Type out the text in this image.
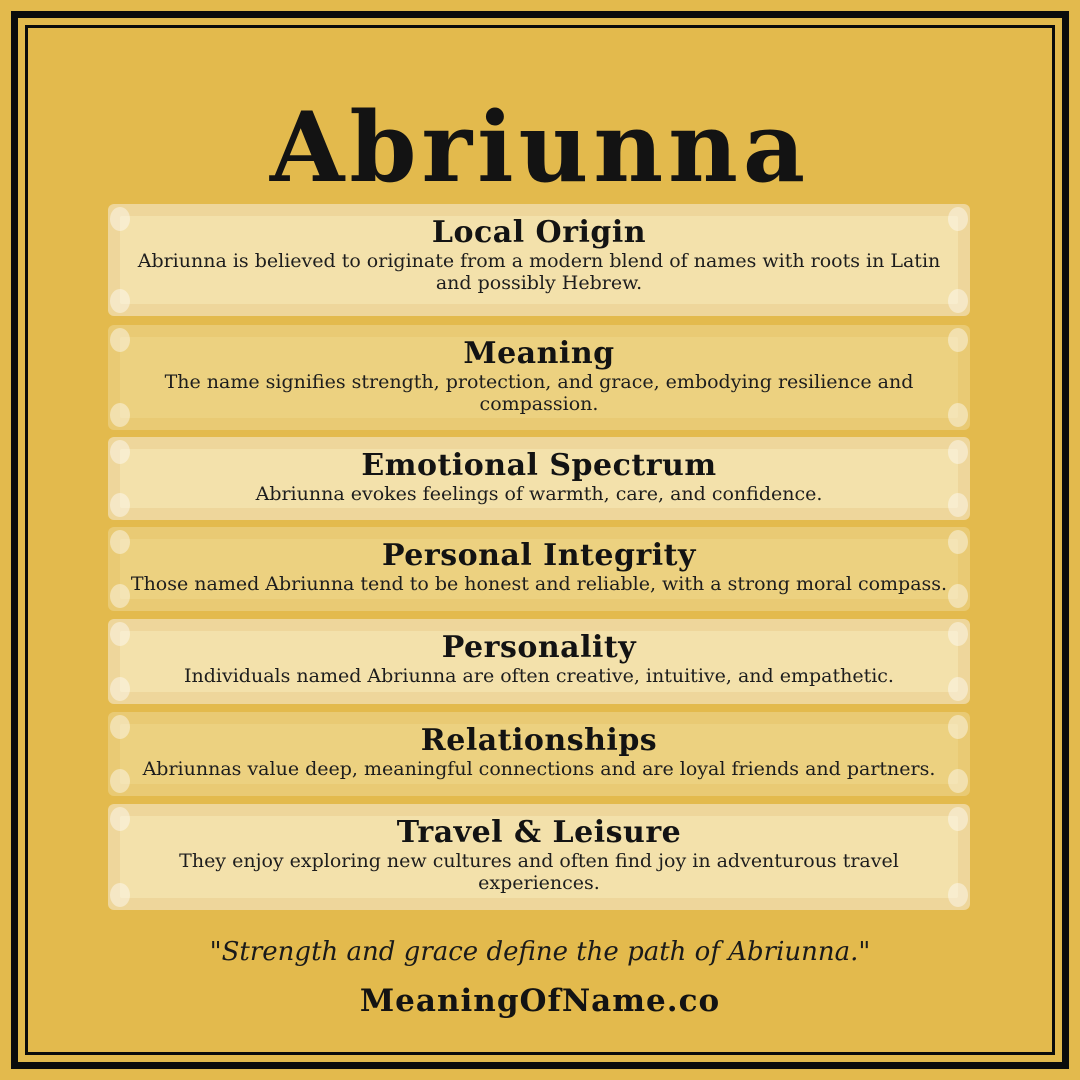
Abriunna
Local Origin

Abriunna is believed to originate from a modern blend of names with roots in Latin and possibly Hebrew.

Meaning

The name signifies strength, protection, and grace, embodying resilience and compassion.

Emotional Spectrum

Abriunna evokes feelings of warmth, care, and confidence.

Personal Integrity

Those named Abriunna tend to be honest and reliable, with a strong moral compass.

Personality

Individuals named Abriunna are often creative, intuitive, and empathetic.

Relationships

Abriunnas value deep, meaningful connections and are loyal friends and partners.

Travel & Leisure

They enjoy exploring new cultures and often find joy in adventurous travel experiences.

"Strength and grace define the path of Abriunna."
MeaningOfName.co
